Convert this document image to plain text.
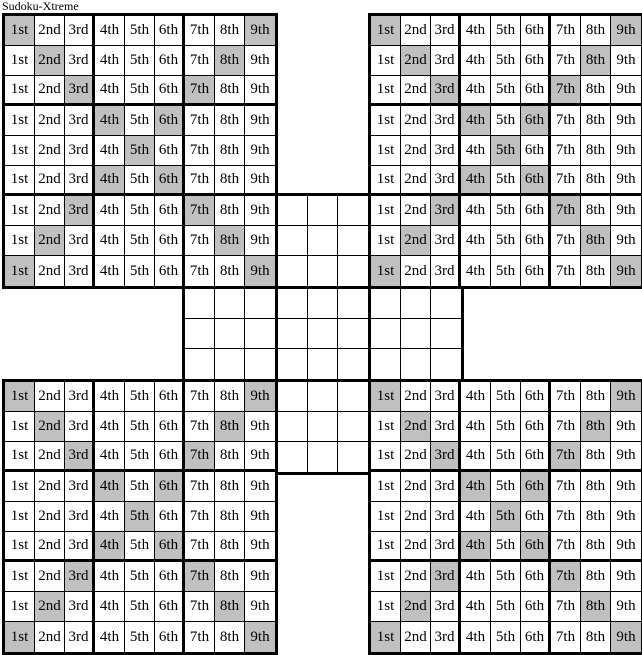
Sudoku-Xtreme
1st 2nd 3rd 4th 5th 6th 7th 8th 9th
1st 2nd 3rd 4th 5th 6th 7th 8th 9th
1st 2nd 3rd 4th 5th 6th 7th 8th 9th
1st 2nd 3rd 4th 5th 6th 7th 8th 9th
1st 2nd 3rd 4th 5th 6th 7th 8th 9th
1st 2nd 3rd 4th 5th 6th 7th 8th 9th
1st 2nd 3rd 4th 5th 6th 7th 8th 9th
1st 2nd 3rd 4th 5th 6th 7th 8th 9th
1st 2nd 3rd 4th 5th 6th 7th 8th 9th
1st 2nd 3rd 4th 5th 6th 7th 8th 9th
1st 2nd 3rd 4th 5th 6th 7th 8th 9th
1st 2nd 3rd 4th 5th 6th 7th 8th 9th
1st 2nd 3rd 4th 5th 6th 7th 8th 9th
1st 2nd 3rd 4th 5th 6th 7th 8th 9th
1st 2nd 3rd 4th 5th 6th 7th 8th 9th
1st 2nd 3rd 4th 5th 6th 7th 8th 9th
1st 2nd 3rd 4th 5th 6th 7th 8th 9th
1st 2nd 3rd 4th 5th 6th 7th 8th 9th
1st 2nd 3rd 4th 5th 6th 7th 8th 9th
1st 2nd 3rd 4th 5th 6th 7th 8th 9th
1st 2nd 3rd 4th 5th 6th 7th 8th 9th
1st 2nd 3rd 4th 5th 6th 7th 8th 9th
1st 2nd 3rd 4th 5th 6th 7th 8th 9th
1st 2nd 3rd 4th 5th 6th 7th 8th 9th
1st 2nd 3rd 4th 5th 6th 7th 8th 9th
1st 2nd 3rd 4th 5th 6th 7th 8th 9th
1st 2nd 3rd 4th 5th 6th 7th 8th 9th
1st 2nd 3rd 4th 5th 6th 7th 8th 9th
1st 2nd 3rd 4th 5th 6th 7th 8th 9th
1st 2nd 3rd 4th 5th 6th 7th 8th 9th
1st 2nd 3rd 4th 5th 6th 7th 8th 9th
1st 2nd 3rd 4th 5th 6th 7th 8th 9th
1st 2nd 3rd 4th 5th 6th 7th 8th 9th
1st 2nd 3rd 4th 5th 6th 7th 8th 9th
1st 2nd 3rd 4th 5th 6th 7th 8th 9th
1st 2nd 3rd 4th 5th 6th 7th 8th 9th
